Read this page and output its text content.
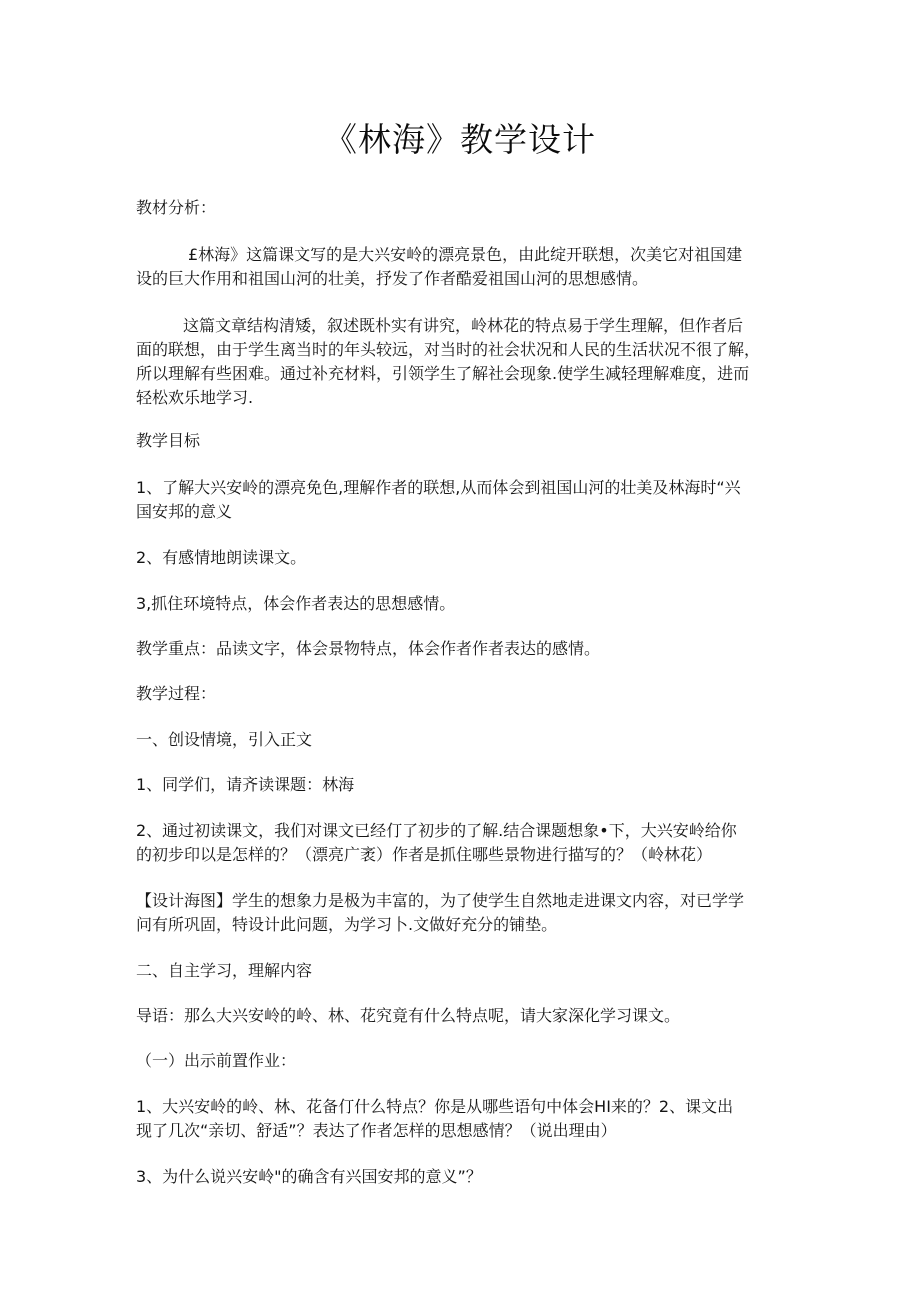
《林海》教学设计
教材分析：
£林海》这篇课文写的是大兴安岭的漂亮景色，由此绽开联想，次美它对祖国建
设的巨大作用和祖国山河的壮美，抒发了作者酷爱祖国山河的思想感情。
这篇文章结构清矮，叙述既朴实有讲究，岭林花的特点易于学生理解，但作者后
面的联想，由于学生离当时的年头较远，对当时的社会状况和人民的生活状况不很了解，
所以理解有些困难。通过补充材料，引领学生了解社会现象.使学生减轻理解难度，进而
轻松欢乐地学习.
教学目标
1、了解大兴安岭的漂亮免色,理解作者的联想,从而体会到祖国山河的壮美及林海时“兴
国安邦的意义
2、有感情地朗读课文。
3,抓住环境特点，体会作者表达的思想感情。
教学重点：品读文字，体会景物特点，体会作者作者表达的感情。
教学过程：
一、创设情境，引入正文
1、同学们，请齐读课题：林海
2、通过初读课文，我们对课文已经仃了初步的了解.结合课题想象•下，大兴安岭给你
的初步印以是怎样的？（漂亮广袤）作者是抓住哪些景物进行描写的？（岭林花）
【设计海图】学生的想象力是极为丰富的，为了使学生自然地走进课文内容，对已学学
问有所巩固，特设计此问题，为学习卜.文做好充分的铺垫。
二、自主学习，理解内容
导语：那么大兴安岭的岭、林、花究竟有什么特点呢，请大家深化学习课文。
（一）出示前置作业：
1、大兴安岭的岭、林、花备仃什么特点？你是从哪些语句中体会HI来的？2、课文出
现了几次“亲切、舒适”？表达了作者怎样的思想感情？（说出理由）
3、为什么说兴安岭"的确含有兴国安邦的意义”？
